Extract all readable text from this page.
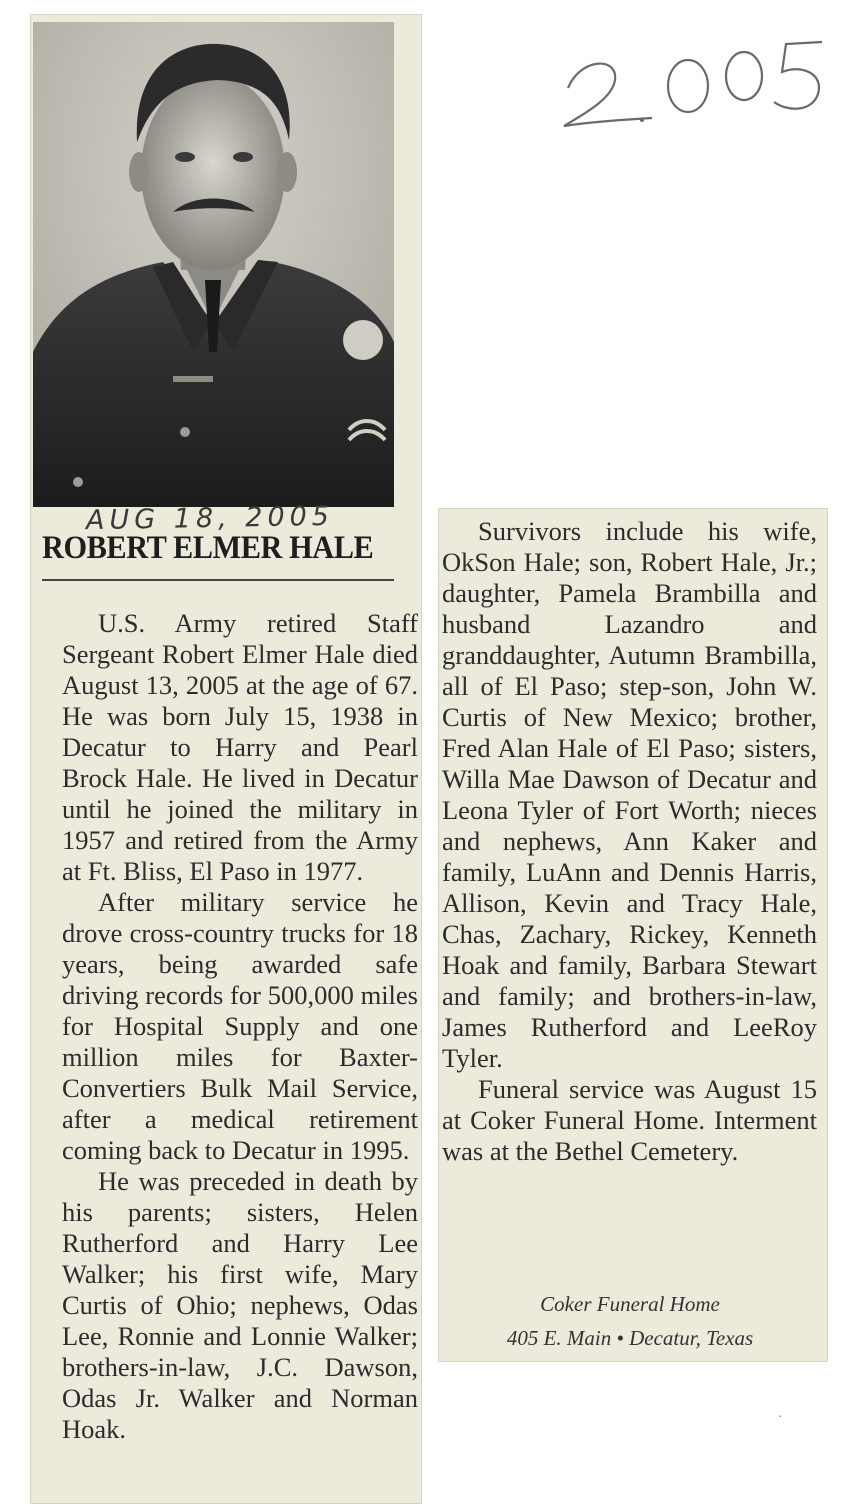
AUG 18, 2005
ROBERT ELMER HALE

U.S. Army retired Staff Sergeant Robert Elmer Hale died August 13, 2005 at the age of 67. He was born July 15, 1938 in Decatur to Harry and Pearl Brock Hale. He lived in Decatur until he joined the military in 1957 and retired from the Army at Ft. Bliss, El Paso in 1977.

After military service he drove cross-country trucks for 18 years, being awarded safe driving records for 500,000 miles for Hospital Supply and one million miles for Baxter-Convertiers Bulk Mail Service, after a medical retirement coming back to Decatur in 1995.

He was preceded in death by his parents; sisters, Helen Rutherford and Harry Lee Walker; his first wife, Mary Curtis of Ohio; nephews, Odas Lee, Ronnie and Lonnie Walker; brothers-in-law, J.C. Dawson, Odas Jr. Walker and Norman Hoak.

Survivors include his wife, OkSon Hale; son, Robert Hale, Jr.; daughter, Pamela Brambilla and husband Lazandro and granddaughter, Autumn Brambilla, all of El Paso; step-son, John W. Curtis of New Mexico; brother, Fred Alan Hale of El Paso; sisters, Willa Mae Dawson of Decatur and Leona Tyler of Fort Worth; nieces and nephews, Ann Kaker and family, LuAnn and Dennis Harris, Allison, Kevin and Tracy Hale, Chas, Zachary, Rickey, Kenneth Hoak and family, Barbara Stewart and family; and brothers-in-law, James Rutherford and LeeRoy Tyler.

Funeral service was August 15 at Coker Funeral Home. Interment was at the Bethel Cemetery.

Coker Funeral Home
405 E. Main • Decatur, Texas
·
